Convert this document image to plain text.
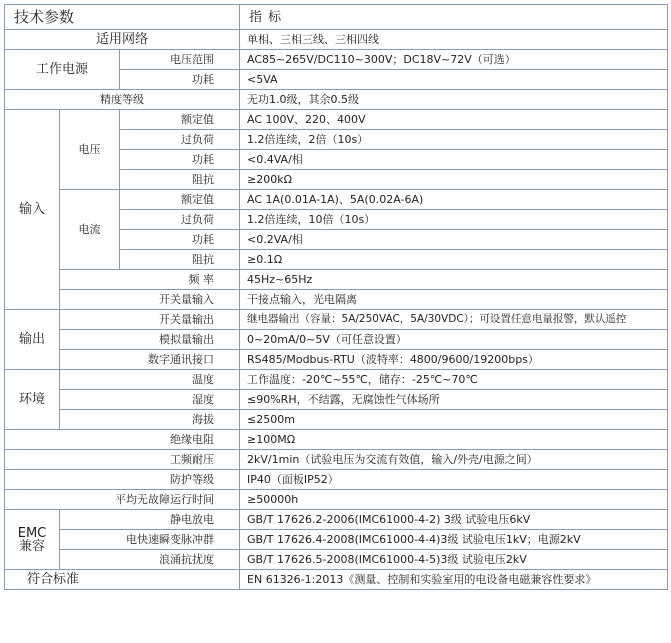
技术参数			指 标
适用网络			单相、三相三线、三相四线
工作电源		电压范围	AC85~265V/DC110~300V；DC18V~72V（可选）
		功耗	<5VA
精度等级			无功1.0级，其余0.5级
输入	电压	额定值	AC 100V、220、400V
		过负荷	1.2倍连续，2倍（10s）
		功耗	<0.4VA/相
		阻抗	≥200kΩ
	电流	额定值	AC 1A(0.01A-1A)、5A(0.02A-6A)
		过负荷	1.2倍连续，10倍（10s）
		功耗	<0.2VA/相
		阻抗	≥0.1Ω
	频 率		45Hz~65Hz
	开关量输入		干接点输入，光电隔离
输出	开关量输出		继电器输出（容量：5A/250VAC，5A/30VDC）；可设置任意电量报警，默认遥控
	模拟量输出		0~20mA/0~5V（可任意设置）
	数字通讯接口		RS485/Modbus-RTU（波特率：4800/9600/19200bps）
环境	温度		工作温度：-20℃~55℃，储存：-25℃~70℃
	湿度		≤90%RH，不结露，无腐蚀性气体场所
	海拔		≤2500m
绝缘电阻			≥100MΩ
工频耐压			2kV/1min（试验电压为交流有效值，输入/外壳/电源之间）
防护等级			IP40（面板IP52）
平均无故障运行时间			≥50000h

EMC
兼容	静电放电		GB/T 17626.2-2006(IMC61000-4-2) 3级 试验电压6kV
	电快速瞬变脉冲群		GB/T 17626.4-2008(IMC61000-4-4)3级 试验电压1kV；电源2kV
	浪涌抗扰度		GB/T 17626.5-2008(IMC61000-4-5)3级 试验电压2kV
符合标准			EN 61326-1:2013《测量、控制和实验室用的电设备电磁兼容性要求》
